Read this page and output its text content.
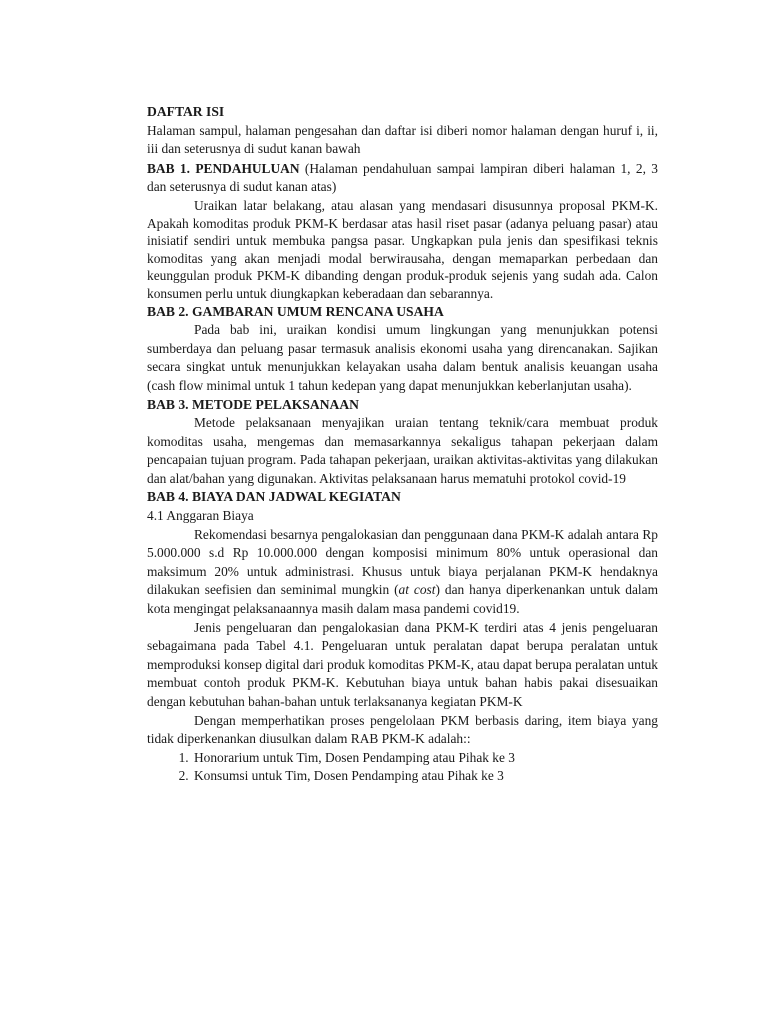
DAFTAR ISI

Halaman sampul, halaman pengesahan dan daftar isi diberi nomor halaman dengan huruf i, ii, iii dan seterusnya di sudut kanan bawah

BAB 1. PENDAHULUAN (Halaman pendahuluan sampai lampiran diberi halaman 1, 2, 3 dan seterusnya di sudut kanan atas)

Uraikan latar belakang, atau alasan yang mendasari disusunnya proposal PKM-K. Apakah komoditas produk PKM-K berdasar atas hasil riset pasar (adanya peluang pasar) atau inisiatif sendiri untuk membuka pangsa pasar. Ungkapkan pula jenis dan spesifikasi teknis komoditas yang akan menjadi modal berwirausaha, dengan memaparkan perbedaan dan keunggulan produk PKM-K dibanding dengan produk-produk sejenis yang sudah ada. Calon konsumen perlu untuk diungkapkan keberadaan dan sebarannya.

BAB 2. GAMBARAN UMUM RENCANA USAHA

Pada bab ini, uraikan kondisi umum lingkungan yang menunjukkan potensi sumberdaya dan peluang pasar termasuk analisis ekonomi usaha yang direncanakan. Sajikan secara singkat untuk menunjukkan kelayakan usaha dalam bentuk analisis keuangan usaha (cash flow minimal untuk 1 tahun kedepan yang dapat menunjukkan keberlanjutan usaha).

BAB 3. METODE PELAKSANAAN

Metode pelaksanaan menyajikan uraian tentang teknik/cara membuat produk komoditas usaha, mengemas dan memasarkannya sekaligus tahapan pekerjaan dalam pencapaian tujuan program. Pada tahapan pekerjaan, uraikan aktivitas-aktivitas yang dilakukan dan alat/bahan yang digunakan. Aktivitas pelaksanaan harus mematuhi protokol covid-19

BAB 4. BIAYA DAN JADWAL KEGIATAN
4.1 Anggaran Biaya

Rekomendasi besarnya pengalokasian dan penggunaan dana PKM-K adalah antara Rp 5.000.000 s.d Rp 10.000.000 dengan komposisi minimum 80% untuk operasional dan maksimum 20% untuk administrasi. Khusus untuk biaya perjalanan PKM-K hendaknya dilakukan seefisien dan seminimal mungkin (at cost) dan hanya diperkenankan untuk dalam kota mengingat pelaksanaannya masih dalam masa pandemi covid19.

Jenis pengeluaran dan pengalokasian dana PKM-K terdiri atas 4 jenis pengeluaran sebagaimana pada Tabel 4.1. Pengeluaran untuk peralatan dapat berupa peralatan untuk memproduksi konsep digital dari produk komoditas PKM-K, atau dapat berupa peralatan untuk membuat contoh produk PKM-K. Kebutuhan biaya untuk bahan habis pakai disesuaikan dengan kebutuhan bahan-bahan untuk terlaksananya kegiatan PKM-K

Dengan memperhatikan proses pengelolaan PKM berbasis daring, item biaya yang tidak diperkenankan diusulkan dalam RAB PKM-K adalah::

1. Honorarium untuk Tim, Dosen Pendamping atau Pihak ke 3
2. Konsumsi untuk Tim, Dosen Pendamping atau Pihak ke 3
